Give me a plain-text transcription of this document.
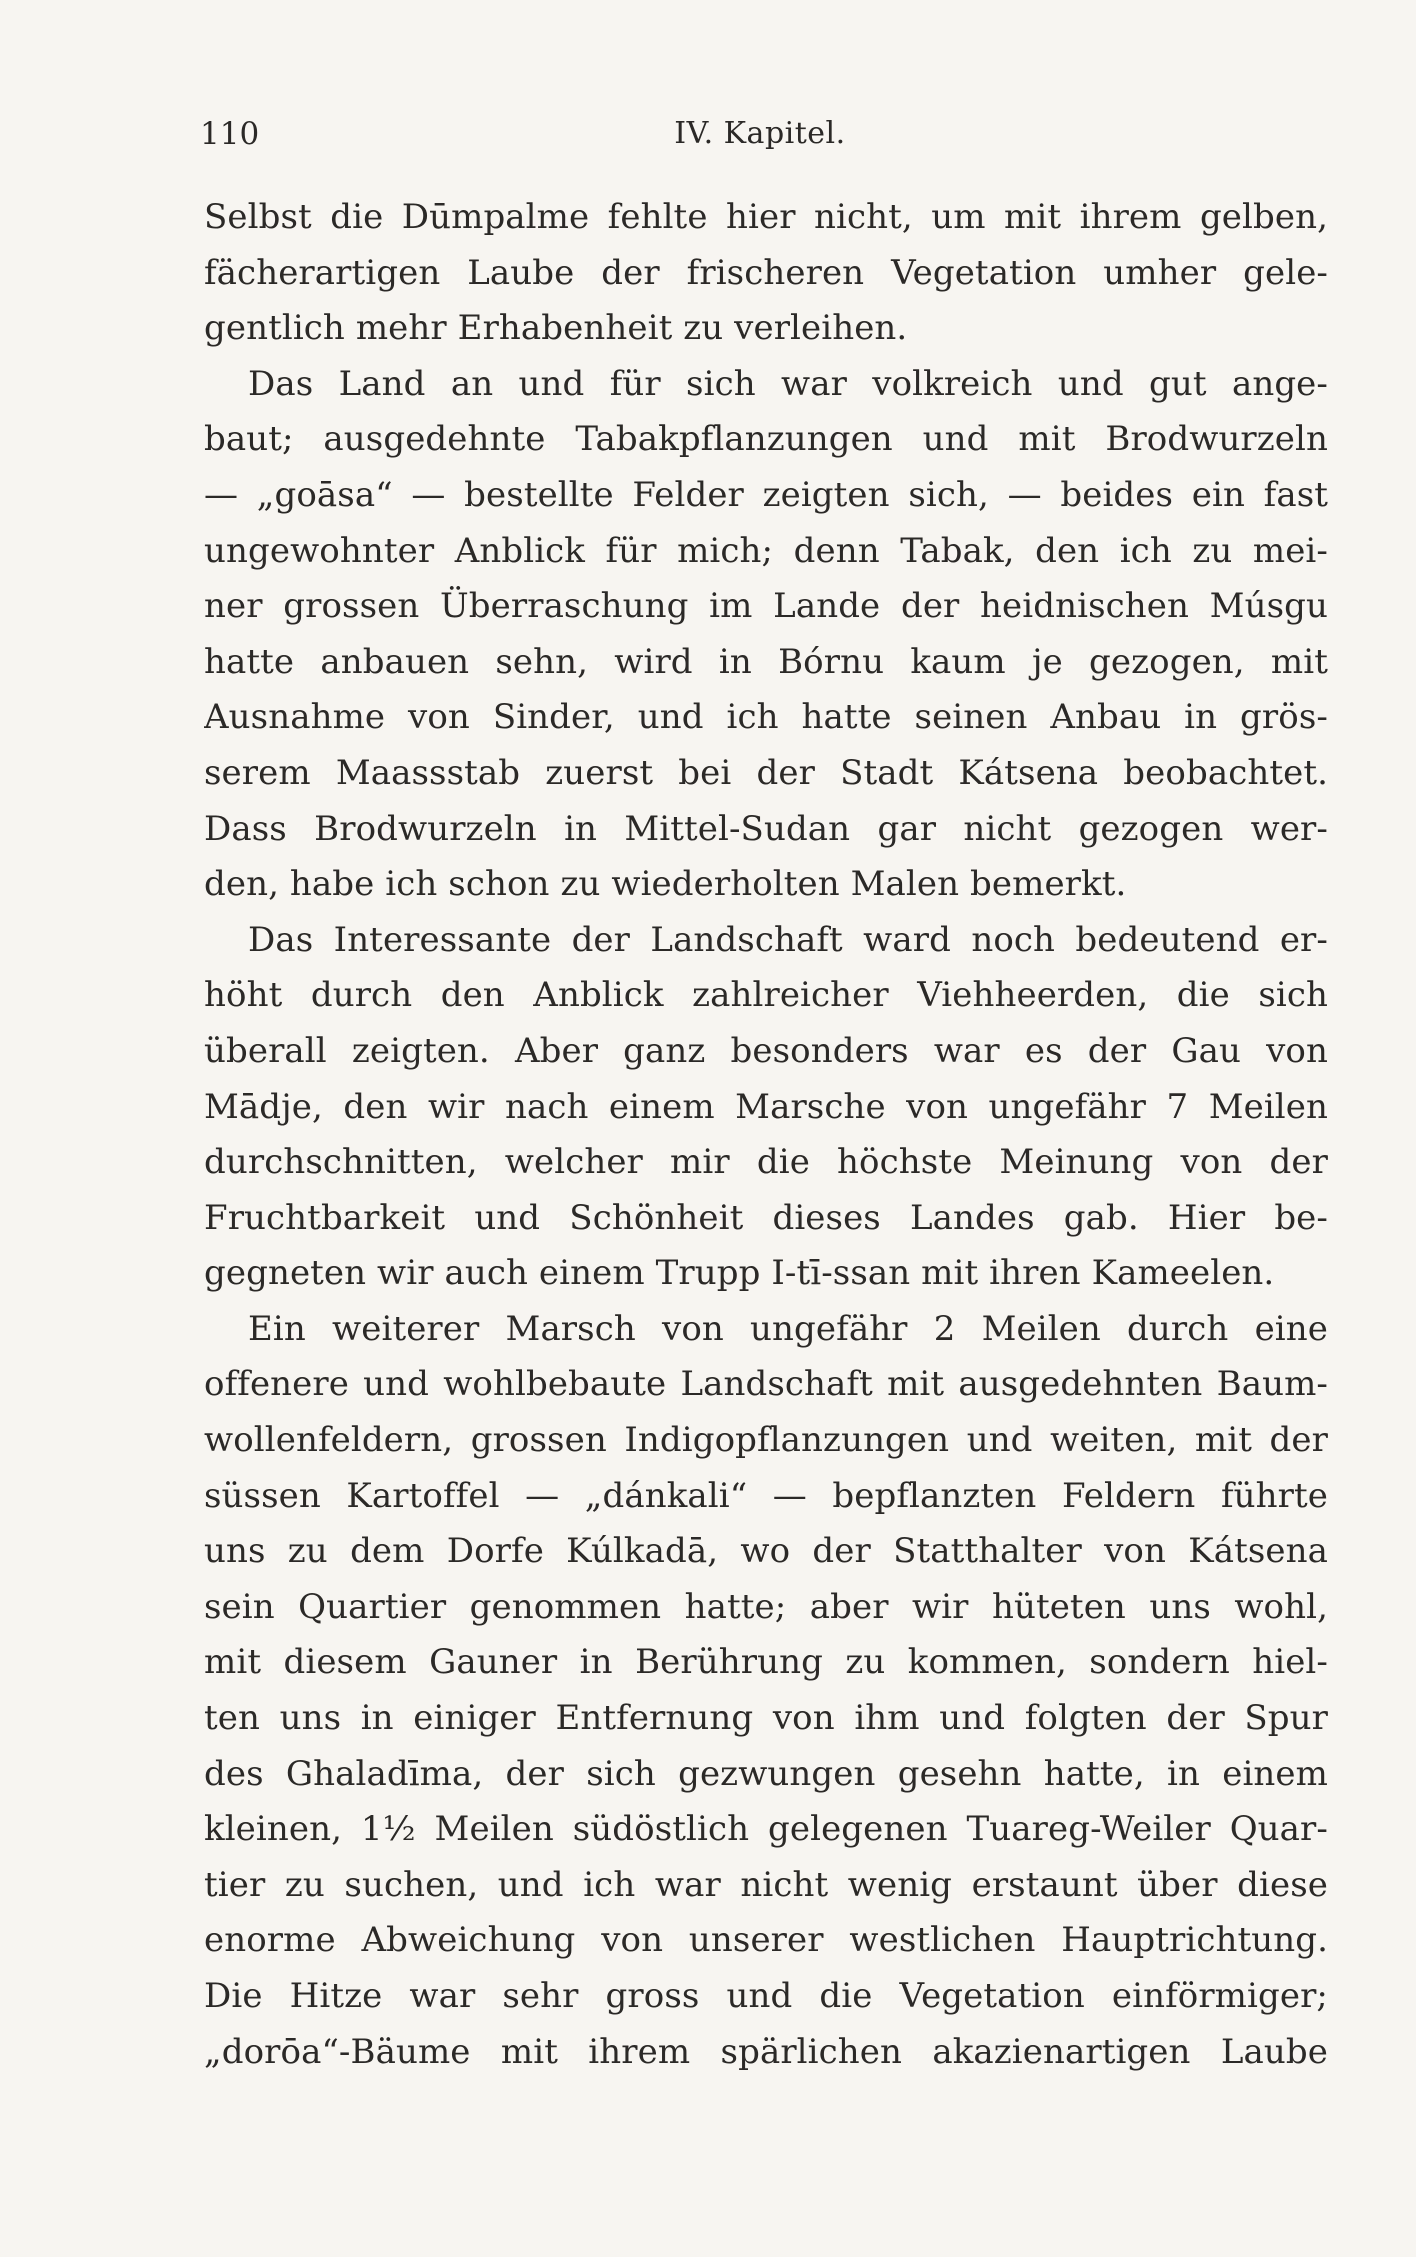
110	IV. Kapitel.
Selbst die Dūmpalme fehlte hier nicht, um mit ihrem gelben,
fächerartigen Laube der frischeren Vegetation umher gele-
gentlich mehr Erhabenheit zu verleihen.
Das Land an und für sich war volkreich und gut ange-
baut; ausgedehnte Tabakpflanzungen und mit Brodwurzeln
— „goāsa“ — bestellte Felder zeigten sich, — beides ein fast
ungewohnter Anblick für mich; denn Tabak, den ich zu mei-
ner grossen Überraschung im Lande der heidnischen Músgu
hatte anbauen sehn, wird in Bórnu kaum je gezogen, mit
Ausnahme von Sinder, und ich hatte seinen Anbau in grös-
serem Maassstab zuerst bei der Stadt Kátsena beobachtet.
Dass Brodwurzeln in Mittel-Sudan gar nicht gezogen wer-
den, habe ich schon zu wiederholten Malen bemerkt.
Das Interessante der Landschaft ward noch bedeutend er-
höht durch den Anblick zahlreicher Viehheerden, die sich
überall zeigten. Aber ganz besonders war es der Gau von
Mādje, den wir nach einem Marsche von ungefähr 7 Meilen
durchschnitten, welcher mir die höchste Meinung von der
Fruchtbarkeit und Schönheit dieses Landes gab. Hier be-
gegneten wir auch einem Trupp I-tī-ssan mit ihren Kameelen.
Ein weiterer Marsch von ungefähr 2 Meilen durch eine
offenere und wohlbebaute Landschaft mit ausgedehnten Baum-
wollenfeldern, grossen Indigopflanzungen und weiten, mit der
süssen Kartoffel — „dánkali“ — bepflanzten Feldern führte
uns zu dem Dorfe Kúlkadā, wo der Statthalter von Kátsena
sein Quartier genommen hatte; aber wir hüteten uns wohl,
mit diesem Gauner in Berührung zu kommen, sondern hiel-
ten uns in einiger Entfernung von ihm und folgten der Spur
des Ghaladīma, der sich gezwungen gesehn hatte, in einem
kleinen, 1½ Meilen südöstlich gelegenen Tuareg-Weiler Quar-
tier zu suchen, und ich war nicht wenig erstaunt über diese
enorme Abweichung von unserer westlichen Hauptrichtung.
Die Hitze war sehr gross und die Vegetation einförmiger;
„dorōa“-Bäume mit ihrem spärlichen akazienartigen Laube
